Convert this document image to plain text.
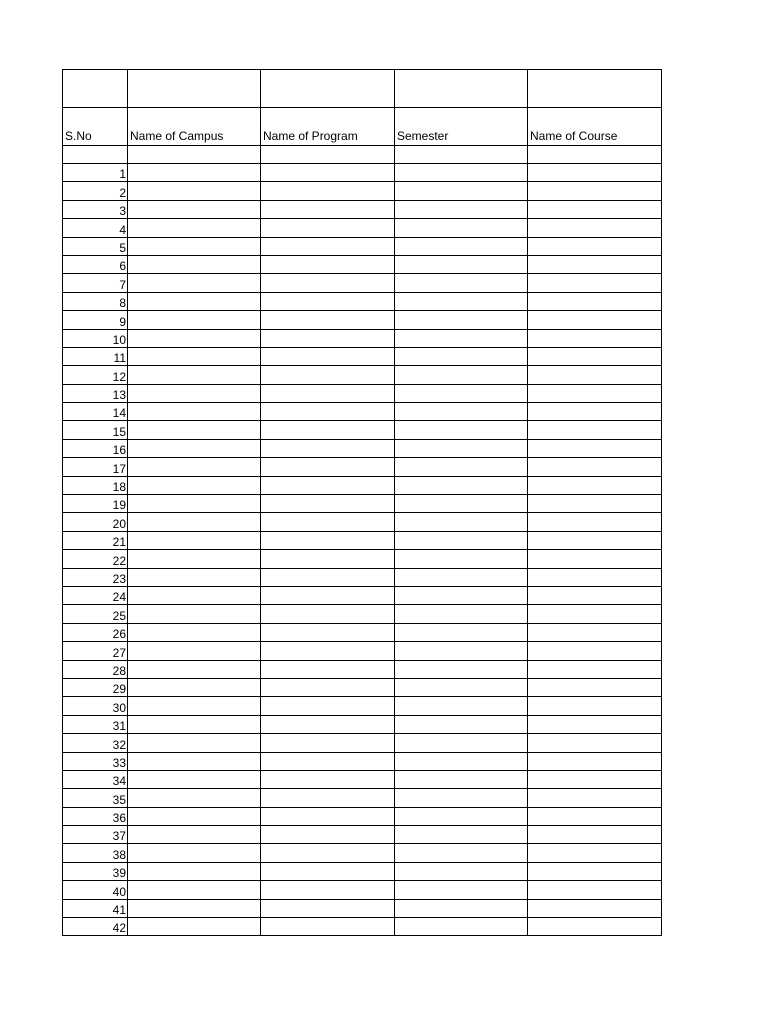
S.No	Name of Campus	Name of Program	Semester	Name of Course

1				
2				
3				
4				
5				
6				
7				
8				
9				
10				
11				
12				
13				
14				
15				
16				
17				
18				
19				
20				
21				
22				
23				
24				
25				
26				
27				
28				
29				
30				
31				
32				
33				
34				
35				
36				
37				
38				
39				
40				
41				
42				
